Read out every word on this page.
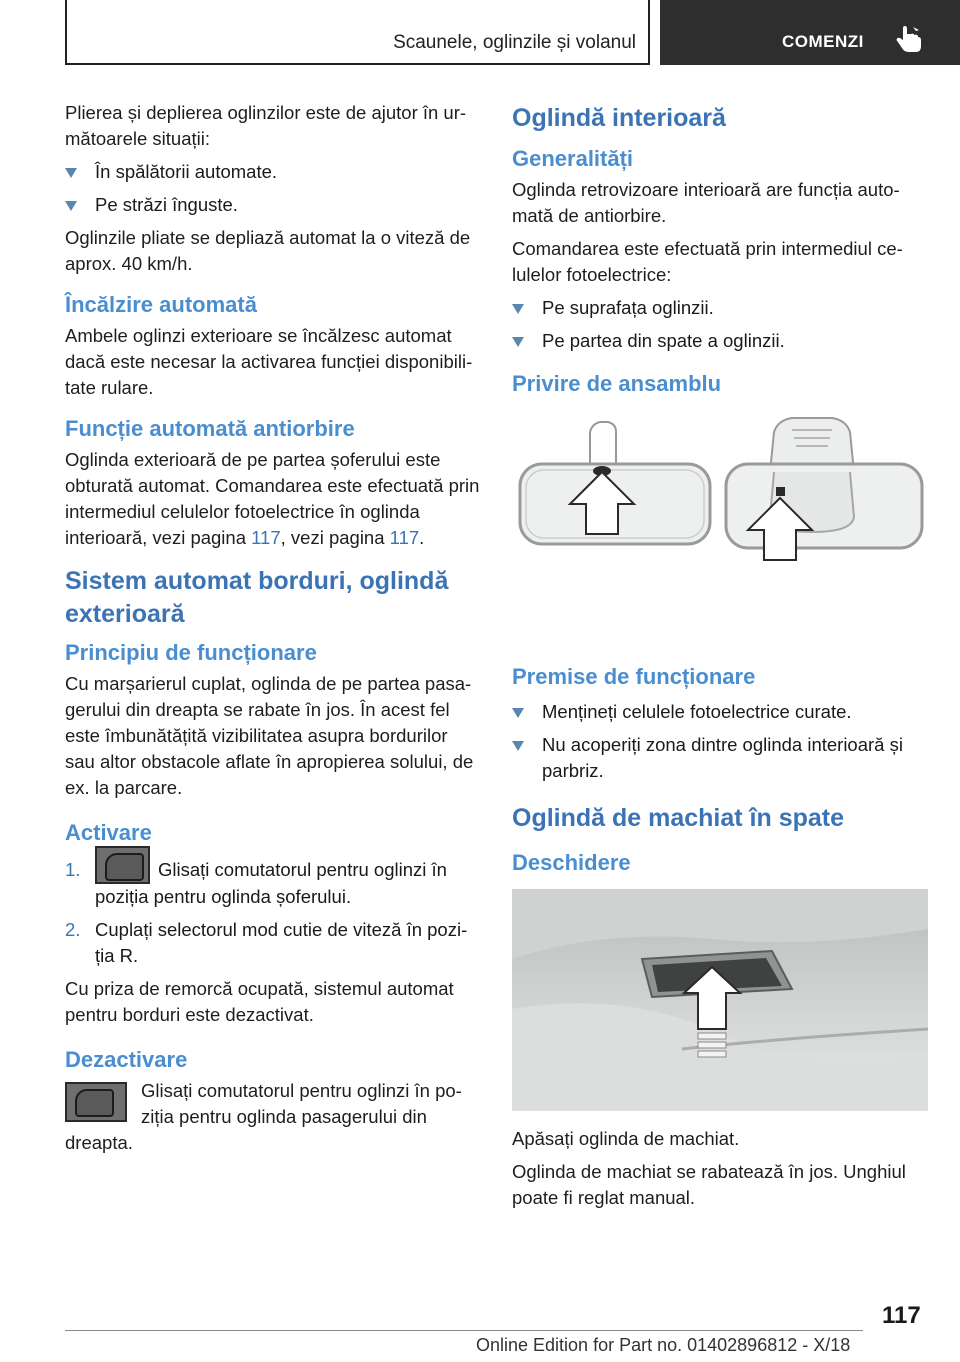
Scaunele, oglinzile și volanul	COMENZI

Plierea și deplierea oglinzilor este de ajutor în următoarele situații:

În spălătorii automate.
Pe străzi înguste.

Oglinzile pliate se depliază automat la o viteză de aprox. 40 km/h.

Încălzire automată

Ambele oglinzi exterioare se încălzesc automat dacă este necesar la activarea funcției disponibilitate rulare.

Funcție automată antiorbire

Oglinda exterioară de pe partea șoferului este obturată automat. Comandarea este efectuată prin intermediul celulelor fotoelectrice în oglinda interioară, vezi pagina 117, vezi pagina 117.

Sistem automat borduri, oglindă exterioară
Principiu de funcționare

Cu marșarierul cuplat, oglinda de pe partea pasagerului din dreapta se rabate în jos. În acest fel este îmbunătățită vizibilitatea asupra bordurilor sau altor obstacole aflate în apropierea solului, de ex. la parcare.

Activare
1.	Glisați comutatorul pentru oglinzi în poziția pentru oglinda șoferului.
2. Cuplați selectorul mod cutie de viteză în poziția R.

Cu priza de remorcă ocupată, sistemul automat pentru borduri este dezactivat.

Dezactivare

Glisați comutatorul pentru oglinzi în poziția pentru oglinda pasagerului din dreapta.

Oglindă interioară
Generalități

Oglinda retrovizoare interioară are funcția automată de antiorbire.

Comandarea este efectuată prin intermediul celulelor fotoelectrice:

Pe suprafața oglinzii.
Pe partea din spate a oglinzii.
Privire de ansamblu
Premise de funcționare
Mențineți celulele fotoelectrice curate.
Nu acoperiți zona dintre oglinda interioară și parbriz.
Oglindă de machiat în spate
Deschidere

Apăsați oglinda de machiat.

Oglinda de machiat se rabatează în jos. Unghiul poate fi reglat manual.

117
Online Edition for Part no. 01402896812 - X/18
